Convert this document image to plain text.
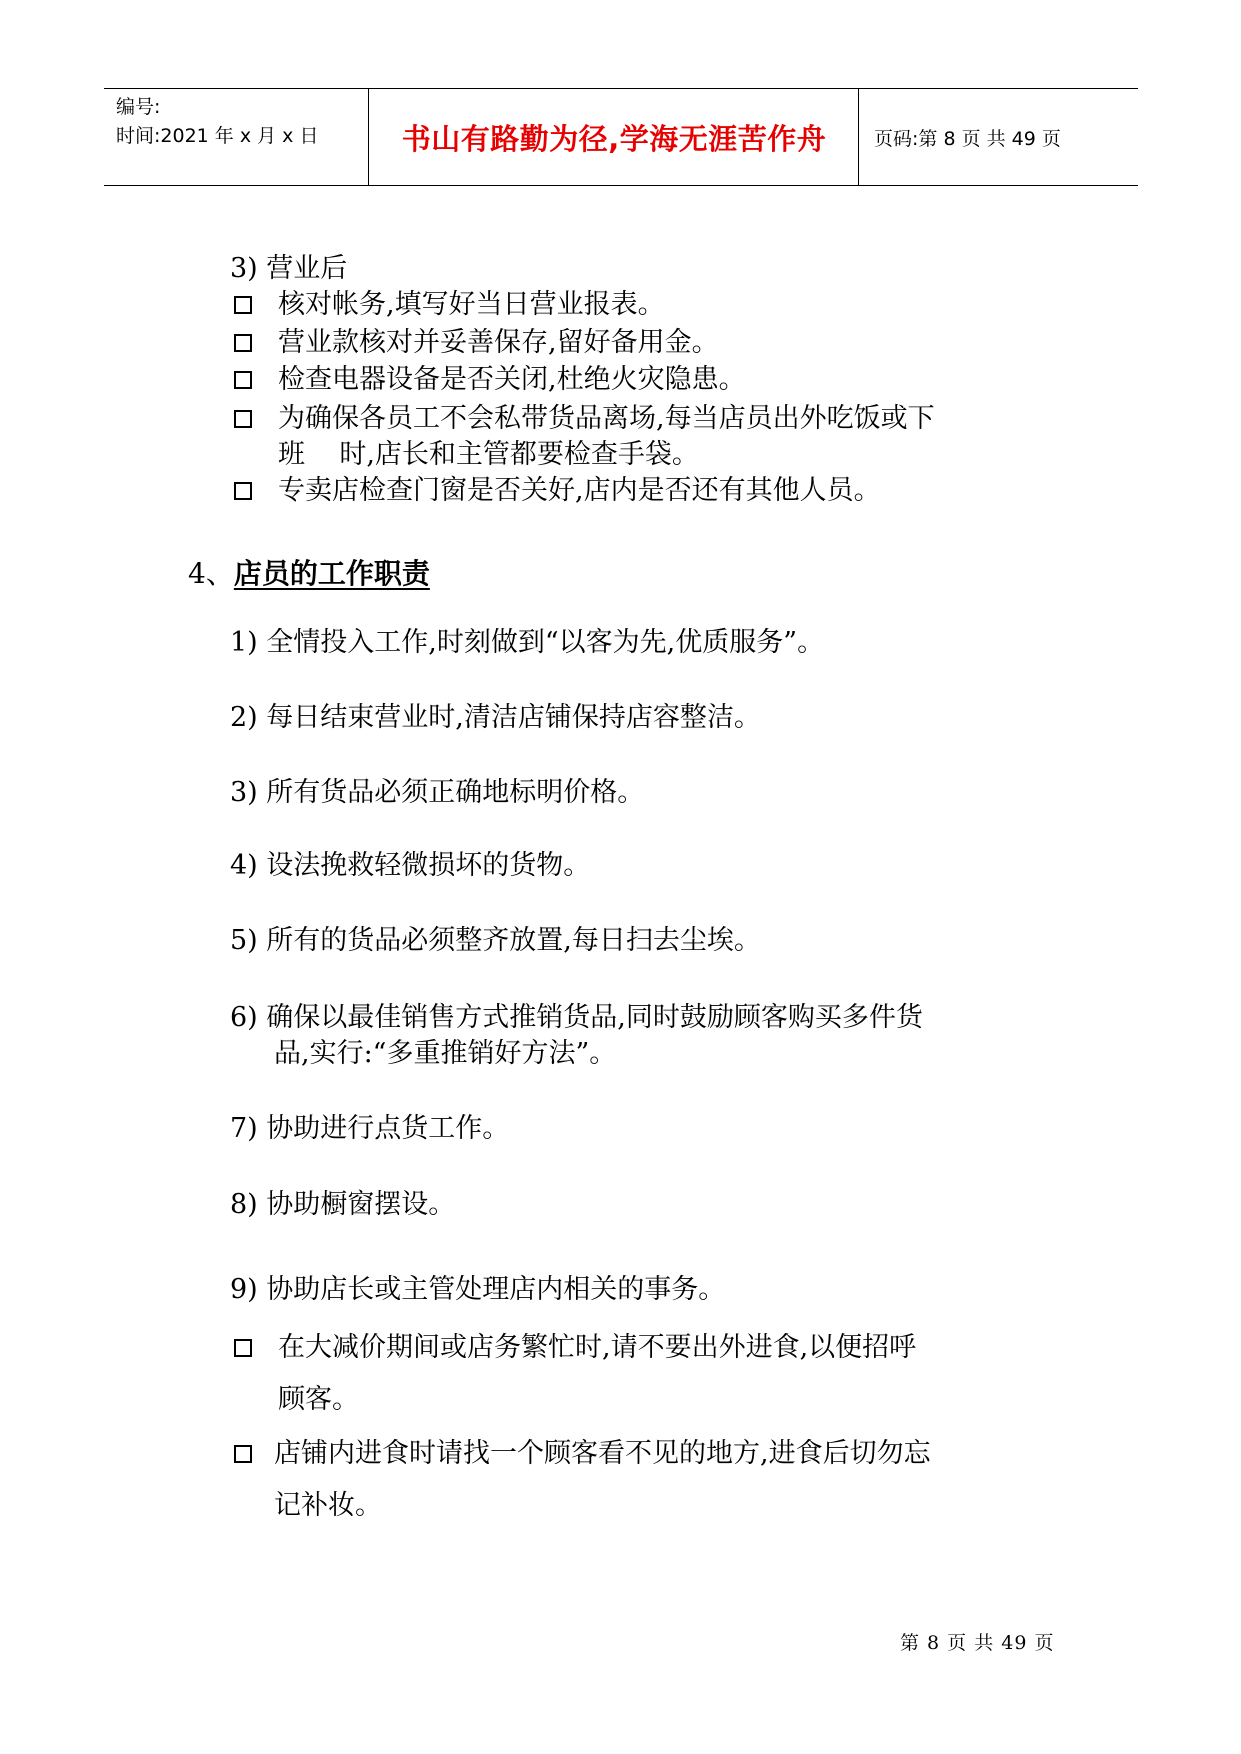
编号:
时间:2021 年 x 月 x 日	书山有路勤为径,学海无涯苦作舟	页码:第 8 页 共 49 页
3) 营业后
核对帐务,填写好当日营业报表。
营业款核对并妥善保存,留好备用金。
检查电器设备是否关闭,杜绝火灾隐患。
为确保各员工不会私带货品离场,每当店员出外吃饭或下
班    时,店长和主管都要检查手袋。
专卖店检查门窗是否关好,店内是否还有其他人员。
4、店员的工作职责
1) 全情投入工作,时刻做到“以客为先,优质服务”。
2) 每日结束营业时,清洁店铺保持店容整洁。
3) 所有货品必须正确地标明价格。
4) 设法挽救轻微损坏的货物。
5) 所有的货品必须整齐放置,每日扫去尘埃。
6) 确保以最佳销售方式推销货品,同时鼓励顾客购买多件货
品,实行:“多重推销好方法”。
7) 协助进行点货工作。
8) 协助橱窗摆设。
9) 协助店长或主管处理店内相关的事务。
在大减价期间或店务繁忙时,请不要出外进食,以便招呼
顾客。
店铺内进食时请找一个顾客看不见的地方,进食后切勿忘
记补妆。
第 8 页 共 49 页
